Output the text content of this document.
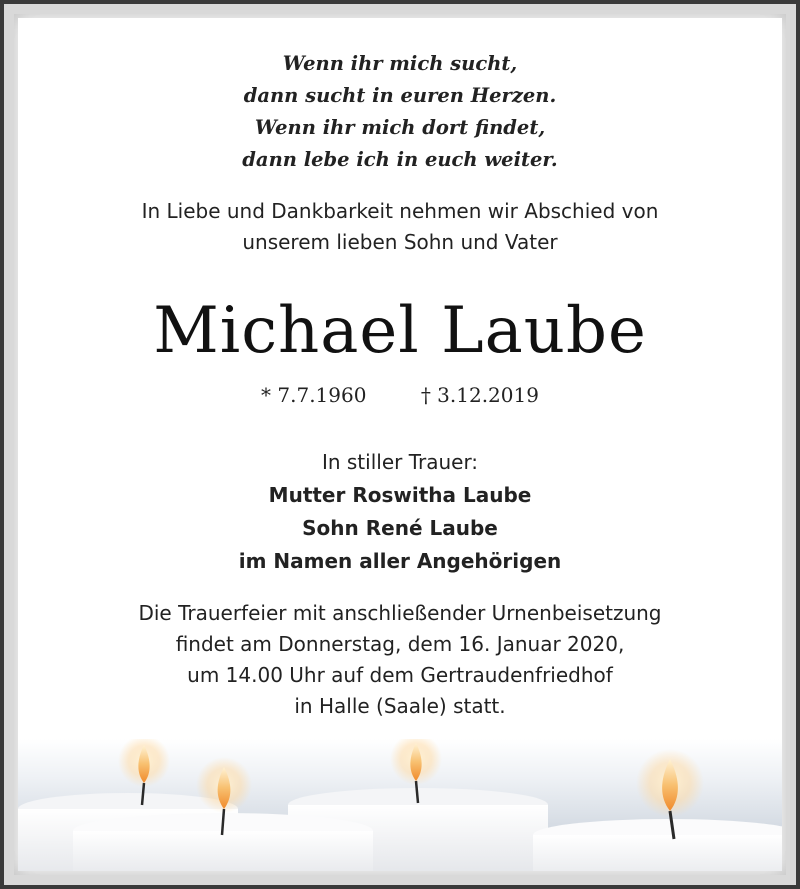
Wenn ihr mich sucht,
dann sucht in euren Herzen.
Wenn ihr mich dort findet,
dann lebe ich in euch weiter.
In Liebe und Dankbarkeit nehmen wir Abschied von
unserem lieben Sohn und Vater
Michael Laube
* 7.7.1960	† 3.12.2019
In stiller Trauer:
Mutter Roswitha Laube
Sohn René Laube
im Namen aller Angehörigen
Die Trauerfeier mit anschließender Urnenbeisetzung
findet am Donnerstag, dem 16. Januar 2020,
um 14.00 Uhr auf dem Gertraudenfriedhof
in Halle (Saale) statt.
